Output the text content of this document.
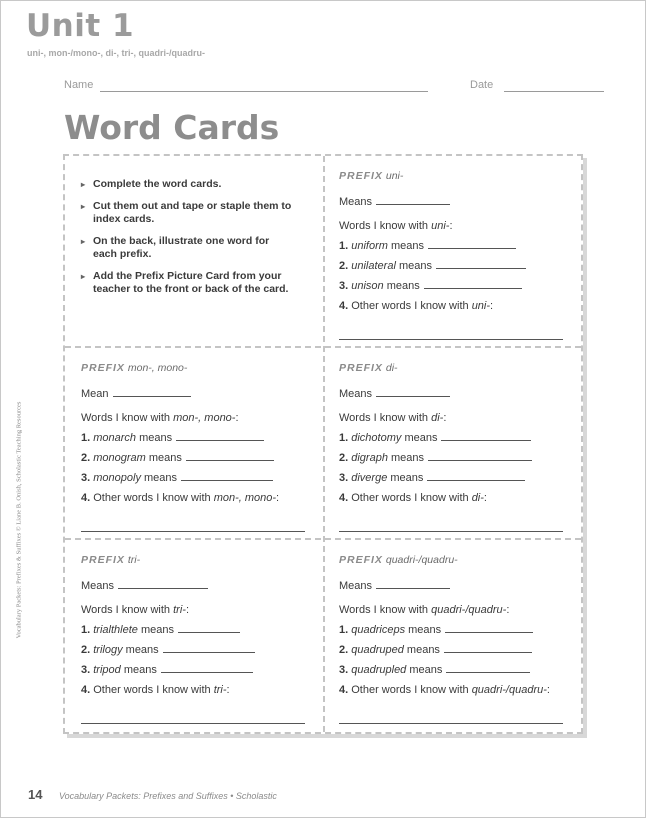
Unit 1
uni-, mon-/mono-, di-, tri-, quadri-/quadru-
Name	Date
Word Cards
Vocabulary Packets: Prefixes & Suffixes © Liane B. Onish, Scholastic Teaching Resources
▸ Complete the word cards.
▸ Cut them out and tape or staple them to index cards.
▸ On the back, illustrate one word for each prefix.
▸ Add the Prefix Picture Card from your teacher to the front or back of the card.
PREFIX uni-
Means
Words I know with uni-:
1. uniform means
2. unilateral means
3. unison means
4. Other words I know with uni-:
PREFIX mon-, mono-
Mean
Words I know with mon-, mono-:
1. monarch means
2. monogram means
3. monopoly means
4. Other words I know with mon-, mono-:
PREFIX di-
Means
Words I know with di-:
1. dichotomy means
2. digraph means
3. diverge means
4. Other words I know with di-:
PREFIX tri-
Means
Words I know with tri-:
1. trialthlete means
2. trilogy means
3. tripod means
4. Other words I know with tri-:
PREFIX quadri-/quadru-
Means
Words I know with quadri-/quadru-:
1. quadriceps means
2. quadruped means
3. quadrupled means
4. Other words I know with quadri-/quadru-:
14 Vocabulary Packets: Prefixes and Suffixes • Scholastic
